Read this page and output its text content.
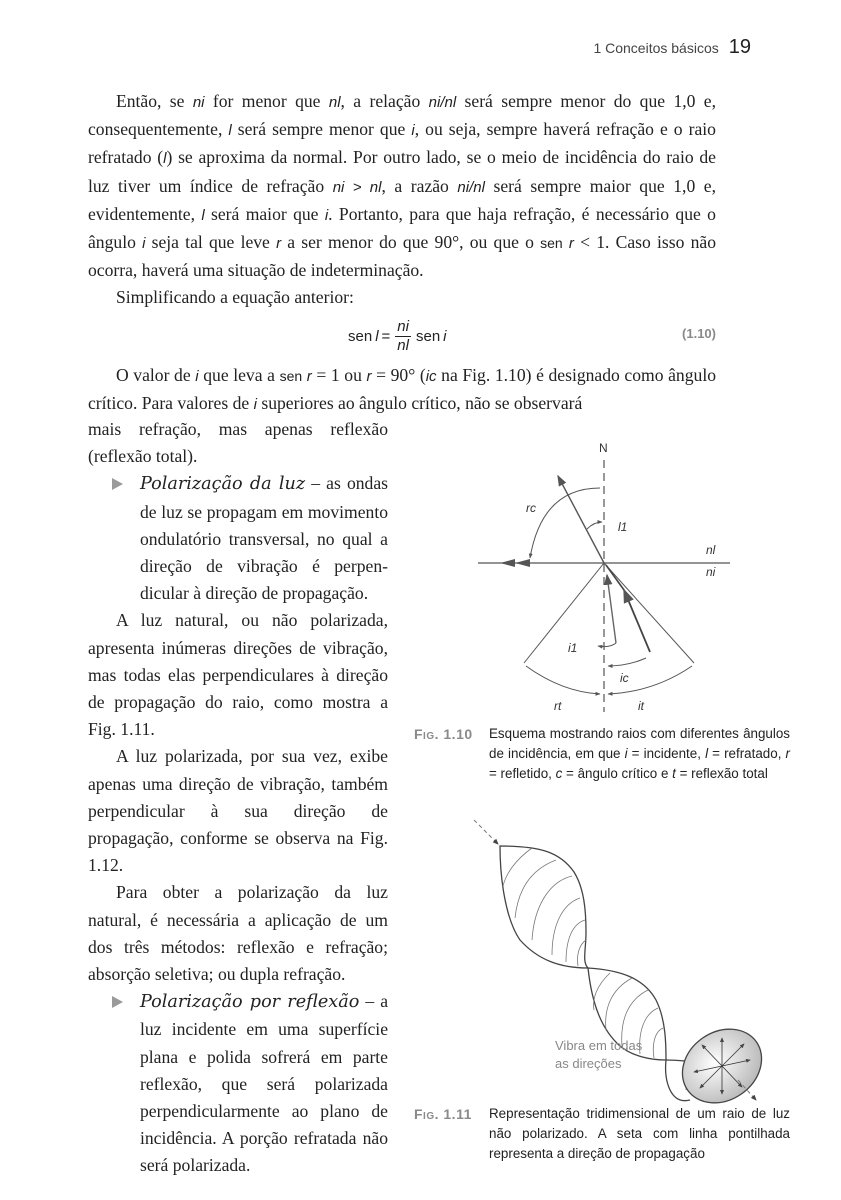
1 Conceitos básicos 19

Então, se ni for menor que nl, a relação ni/nl será sempre menor do que 1,0 e, consequentemente, l será sempre menor que i, ou seja, sempre haverá refração e o raio refratado (l) se aproxima da normal. Por outro lado, se o meio de incidência do raio de luz tiver um índice de refração ni > nl, a razão ni/nl será sempre maior que 1,0 e, evidentemente, l será maior que i. Portanto, para que haja refração, é necessário que o ângulo i seja tal que leve r a ser menor do que 90°, ou que o sen r < 1. Caso isso não ocorra, haverá uma situação de indeterminação.

Simplificando a equação anterior:

sen $l = \frac{ni}{nl}$ sen i	(1.10)

O valor de i que leva a sen r = 1 ou r = 90° (ic na Fig. 1.10) é designado como ângulo crítico. Para valores de i superiores ao ângulo crítico, não se observará

mais refração, mas apenas reflexão (reflexão total).

Polarização da luz – as ondas de luz se propagam em movimento ondulatório transversal, no qual a direção de vibração é perpendicular à direção de propagação.

A luz natural, ou não polarizada, apresenta inúmeras direções de vibração, mas todas elas perpendiculares à direção de propagação do raio, como mostra a Fig. 1.11.

A luz polarizada, por sua vez, exibe apenas uma direção de vibração, também perpendicular à sua direção de propagação, conforme se observa na Fig. 1.12.

Para obter a polarização da luz natural, é necessária a aplicação de um dos três métodos: reflexão e refração; absorção seletiva; ou dupla refração.

Polarização por reflexão – a luz incidente em uma superfície plana e polida sofrerá em parte reflexão, que será polarizada perpendicularmente ao plano de incidência. A porção refratada não será polarizada.

N
nl
ni
rc
l1
i1
ic
rt	it
Fig. 1.10 Esquema mostrando raios com diferentes ângulos de incidência, em que i = incidente, l = refratado, r = refletido, c = ângulo crítico e t = reflexão total
Vibra em todas
as direções
Fig. 1.11 Representação tridimensional de um raio de luz não polarizado. A seta com linha pontilhada representa a direção de propagação
